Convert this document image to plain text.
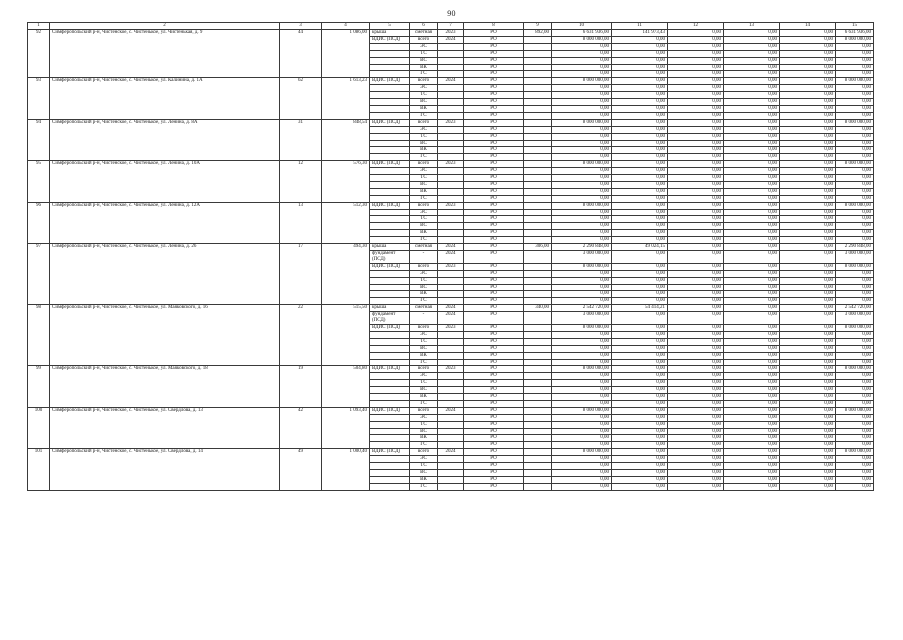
90
1	2	3	4	5	6	7	8	9	10	11	12	13	14	15
92	Симферопольский р-н, Чистенское, с. Чистенькое, ул. Чистенькая, д. 9	44	1 086,00	крыша	сметная	2023	РО	892,00	6 631 936,00	141 973,43	0,00	0,00	0,00	6 631 936,00
				ВДИС (ПСД)	всего	2024	РО		8 000 000,00	0,00	0,00	0,00	0,00	8 000 000,00
					ЭС		РО		0,00	0,00	0,00	0,00	0,00	0,00
					ТС		РО		0,00	0,00	0,00	0,00	0,00	0,00
					ВС		РО		0,00	0,00	0,00	0,00	0,00	0,00
					ВК		РО		0,00	0,00	0,00	0,00	0,00	0,00
					ГС		РО		0,00	0,00	0,00	0,00	0,00	0,00
93	Симферопольский р-н, Чистенское, с. Чистенькое, ул. Калинина, д. 1А	62	1 613,23	ВДИС (ПСД)	всего	2024	РО		8 000 000,00	0,00	0,00	0,00	0,00	8 000 000,00
					ЭС		РО		0,00	0,00	0,00	0,00	0,00	0,00
					ТС		РО		0,00	0,00	0,00	0,00	0,00	0,00
					ВС		РО		0,00	0,00	0,00	0,00	0,00	0,00
					ВК		РО		0,00	0,00	0,00	0,00	0,00	0,00
					ГС		РО		0,00	0,00	0,00	0,00	0,00	0,00
94	Симферопольский р-н, Чистенское, с. Чистенькое, ул. Ленина, д. 8А	31	848,54	ВДИС (ПСД)	всего	2023	РО		8 000 000,00	0,00	0,00	0,00	0,00	8 000 000,00
					ЭС		РО		0,00	0,00	0,00	0,00	0,00	0,00
					ТС		РО		0,00	0,00	0,00	0,00	0,00	0,00
					ВС		РО		0,00	0,00	0,00	0,00	0,00	0,00
					ВК		РО		0,00	0,00	0,00	0,00	0,00	0,00
					ГС		РО		0,00	0,00	0,00	0,00	0,00	0,00
95	Симферопольский р-н, Чистенское, с. Чистенькое, ул. Ленина, д. 10А	12	576,30	ВДИС (ПСД)	всего	2023	РО		8 000 000,00	0,00	0,00	0,00	0,00	8 000 000,00
					ЭС		РО		0,00	0,00	0,00	0,00	0,00	0,00
					ТС		РО		0,00	0,00	0,00	0,00	0,00	0,00
					ВС		РО		0,00	0,00	0,00	0,00	0,00	0,00
					ВК		РО		0,00	0,00	0,00	0,00	0,00	0,00
					ГС		РО		0,00	0,00	0,00	0,00	0,00	0,00
96	Симферопольский р-н, Чистенское, с. Чистенькое, ул. Ленина, д. 12А	13	512,30	ВДИС (ПСД)	всего	2023	РО		8 000 000,00	0,00	0,00	0,00	0,00	8 000 000,00
					ЭС		РО		0,00	0,00	0,00	0,00	0,00	0,00
					ТС		РО		0,00	0,00	0,00	0,00	0,00	0,00
					ВС		РО		0,00	0,00	0,00	0,00	0,00	0,00
					ВК		РО		0,00	0,00	0,00	0,00	0,00	0,00
					ГС		РО		0,00	0,00	0,00	0,00	0,00	0,00
97	Симферопольский р-н, Чистенское, с. Чистенькое, ул. Ленина, д. 26	17	494,30	крыша	сметная	2024	РО	306,00	2 290 848,00	49 024,15	0,00	0,00	0,00	2 290 848,00
				фундамент (ПСД)	-	2024	РО		3 000 000,00	0,00	0,00	0,00	0,00	3 000 000,00
				ВДИС (ПСД)	всего	2023	РО		8 000 000,00	0,00	0,00	0,00	0,00	8 000 000,00
					ЭС		РО		0,00	0,00	0,00	0,00	0,00	0,00
					ТС		РО		0,00	0,00	0,00	0,00	0,00	0,00
					ВС		РО		0,00	0,00	0,00	0,00	0,00	0,00
					ВК		РО		0,00	0,00	0,00	0,00	0,00	0,00
					ГС		РО		0,00	0,00	0,00	0,00	0,00	0,00
98	Симферопольский р-н, Чистенское, с. Чистенькое, ул. Маяковского, д. 16	22	515,50	крыша	сметная	2024	РО	340,00	2 542 720,00	54 414,21	0,00	0,00	0,00	2 542 720,00
				фундамент (ПСД)	-	2024	РО		3 000 000,00	0,00	0,00	0,00	0,00	3 000 000,00
				ВДИС (ПСД)	всего	2023	РО		8 000 000,00	0,00	0,00	0,00	0,00	8 000 000,00
					ЭС		РО		0,00	0,00	0,00	0,00	0,00	0,00
					ТС		РО		0,00	0,00	0,00	0,00	0,00	0,00
					ВС		РО		0,00	0,00	0,00	0,00	0,00	0,00
					ВК		РО		0,00	0,00	0,00	0,00	0,00	0,00
					ГС		РО		0,00	0,00	0,00	0,00	0,00	0,00
99	Симферопольский р-н, Чистенское, с. Чистенькое, ул. Маяковского, д. 18	19	504,80	ВДИС (ПСД)	всего	2023	РО		8 000 000,00	0,00	0,00	0,00	0,00	8 000 000,00
					ЭС		РО		0,00	0,00	0,00	0,00	0,00	0,00
					ТС		РО		0,00	0,00	0,00	0,00	0,00	0,00
					ВС		РО		0,00	0,00	0,00	0,00	0,00	0,00
					ВК		РО		0,00	0,00	0,00	0,00	0,00	0,00
					ГС		РО		0,00	0,00	0,00	0,00	0,00	0,00
100	Симферопольский р-н, Чистенское, с. Чистенькое, ул. Свердлова, д. 13	42	1 093,40	ВДИС (ПСД)	всего	2024	РО		8 000 000,00	0,00	0,00	0,00	0,00	8 000 000,00
					ЭС		РО		0,00	0,00	0,00	0,00	0,00	0,00
					ТС		РО		0,00	0,00	0,00	0,00	0,00	0,00
					ВС		РО		0,00	0,00	0,00	0,00	0,00	0,00
					ВК		РО		0,00	0,00	0,00	0,00	0,00	0,00
					ГС		РО		0,00	0,00	0,00	0,00	0,00	0,00
101	Симферопольский р-н, Чистенское, с. Чистенькое, ул. Свердлова, д. 14	49	1 000,40	ВДИС (ПСД)	всего	2024	РО		8 000 000,00	0,00	0,00	0,00	0,00	8 000 000,00
					ЭС		РО		0,00	0,00	0,00	0,00	0,00	0,00
					ТС		РО		0,00	0,00	0,00	0,00	0,00	0,00
					ВС		РО		0,00	0,00	0,00	0,00	0,00	0,00
					ВК		РО		0,00	0,00	0,00	0,00	0,00	0,00
					ГС		РО		0,00	0,00	0,00	0,00	0,00	0,00
